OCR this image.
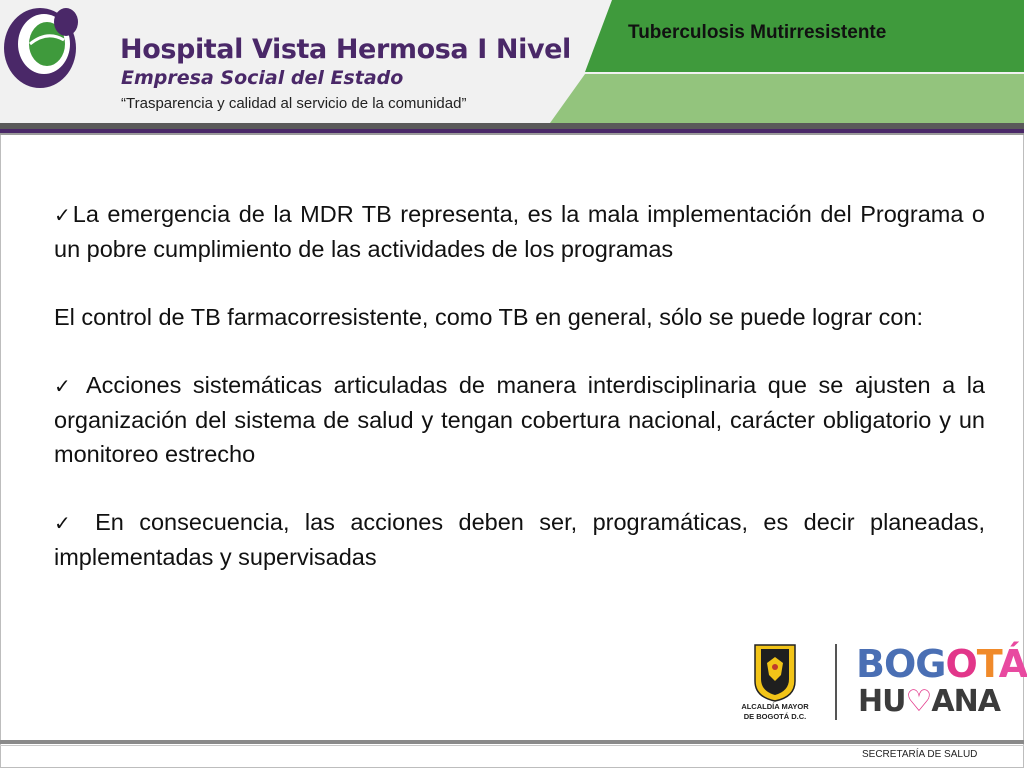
Hospital Vista Hermosa I Nivel
Empresa Social del Estado
“Trasparencia y calidad al servicio de la comunidad”
Tuberculosis Mutirresistente

✓La emergencia de la MDR TB representa, es la mala implementación del Programa o un pobre cumplimiento de las actividades de los programas

El control de TB farmacorresistente, como TB en general, sólo se puede lograr con:

✓ Acciones sistemáticas articuladas de manera interdisciplinaria que se ajusten a la organización del sistema de salud y tengan cobertura nacional, carácter obligatorio y un monitoreo estrecho

✓ En consecuencia, las acciones deben ser, programáticas, es decir planeadas, implementadas y supervisadas

ALCALDÍA MAYOR
DE BOGOTÁ D.C.
BOGOTÁ
HU♡ANA
SECRETARÍA DE SALUD
